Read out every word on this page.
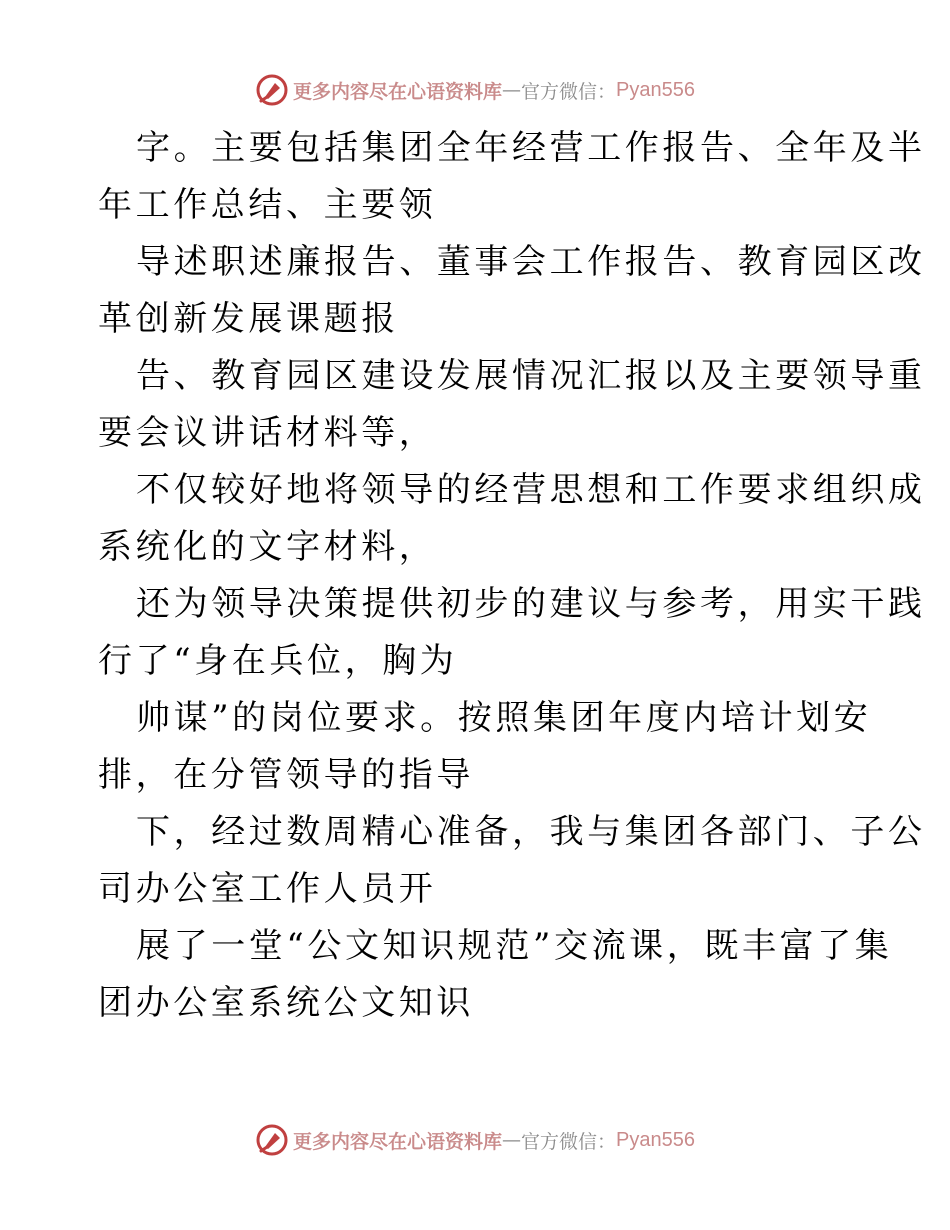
更多内容尽在心语资料库 — 官方微信： Pyan556
字。主要包括集团全年经营工作报告、全年及半
年工作总结、主要领
导述职述廉报告、董事会工作报告、教育园区改
革创新发展课题报
告、教育园区建设发展情况汇报以及主要领导重
要会议讲话材料等，
不仅较好地将领导的经营思想和工作要求组织成
系统化的文字材料，
还为领导决策提供初步的建议与参考，用实干践
行了“身在兵位，胸为
帅谋”的岗位要求。按照集团年度内培计划安
排，在分管领导的指导
下，经过数周精心准备，我与集团各部门、子公
司办公室工作人员开
展了一堂“公文知识规范”交流课，既丰富了集
团办公室系统公文知识
更多内容尽在心语资料库 — 官方微信： Pyan556
